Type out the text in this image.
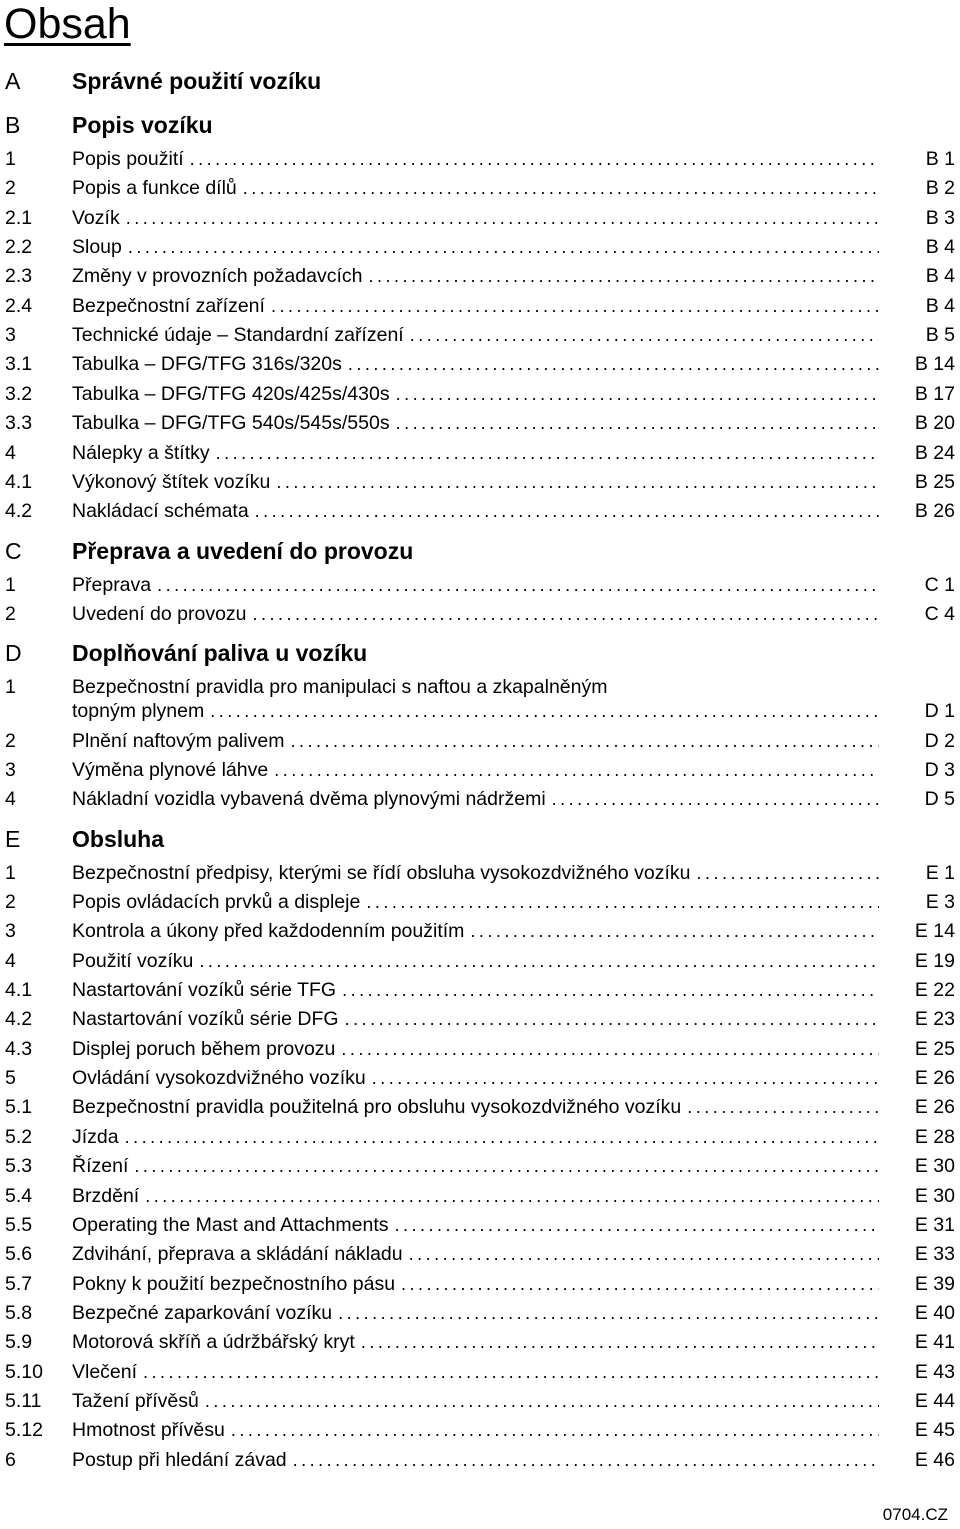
Obsah
A Správné použití vozíku
B Popis vozíku
1	Popis použití .....	B 1
2	Popis a funkce dílů .....	B 2
2.1 Vozík .....	B 3
2.2 Sloup .....	B 4
2.3 Změny v provozních požadavcích .....	B 4
2.4 Bezpečnostní zařízení .....	B 4
3	Technické údaje – Standardní zařízení .....	B 5
3.1 Tabulka – DFG/TFG 316s/320s .....	B 14
3.2 Tabulka – DFG/TFG 420s/425s/430s .....	B 17
3.3 Tabulka – DFG/TFG 540s/545s/550s .....	B 20
4	Nálepky a štítky .....	B 24
4.1 Výkonový štítek vozíku .....	B 25
4.2 Nakládací schémata .....	B 26
C Přeprava a uvedení do provozu
1	Přeprava .....	C 1
2	Uvedení do provozu .....	C 4
D Doplňování paliva u vozíku
1	Bezpečnostní pravidla pro manipulaci s naftou a zkapalněným
topným plynem .....	D 1
2	Plnění naftovým palivem .....	D 2
3	Výměna plynové láhve .....	D 3
4	Nákladní vozidla vybavená dvěma plynovými nádržemi .....	D 5
E Obsluha
1	Bezpečnostní předpisy, kterými se řídí obsluha vysokozdvižného vozíku .....	E 1
2	Popis ovládacích prvků a displeje .....	E 3
3	Kontrola a úkony před každodenním použitím .....	E 14
4	Použití vozíku .....	E 19
4.1 Nastartování vozíků série TFG .....	E 22
4.2 Nastartování vozíků série DFG .....	E 23
4.3 Displej poruch během provozu .....	E 25
5	Ovládání vysokozdvižného vozíku .....	E 26
5.1 Bezpečnostní pravidla použitelná pro obsluhu vysokozdvižného vozíku .....	E 26
5.2 Jízda .....	E 28
5.3 Řízení .....	E 30
5.4 Brzdění .....	E 30
5.5 Operating the Mast and Attachments .....	E 31
5.6 Zdvihání, přeprava a skládání nákladu .....	E 33
5.7 Pokny k použití bezpečnostního pásu .....	E 39
5.8 Bezpečné zaparkování vozíku .....	E 40
5.9 Motorová skříň a údržbářský kryt .....	E 41
5.10 Vlečení .....	E 43
5.11 Tažení přívěsů .....	E 44
5.12 Hmotnost přívěsu .....	E 45
6	Postup při hledání závad .....	E 46
0704.CZ
